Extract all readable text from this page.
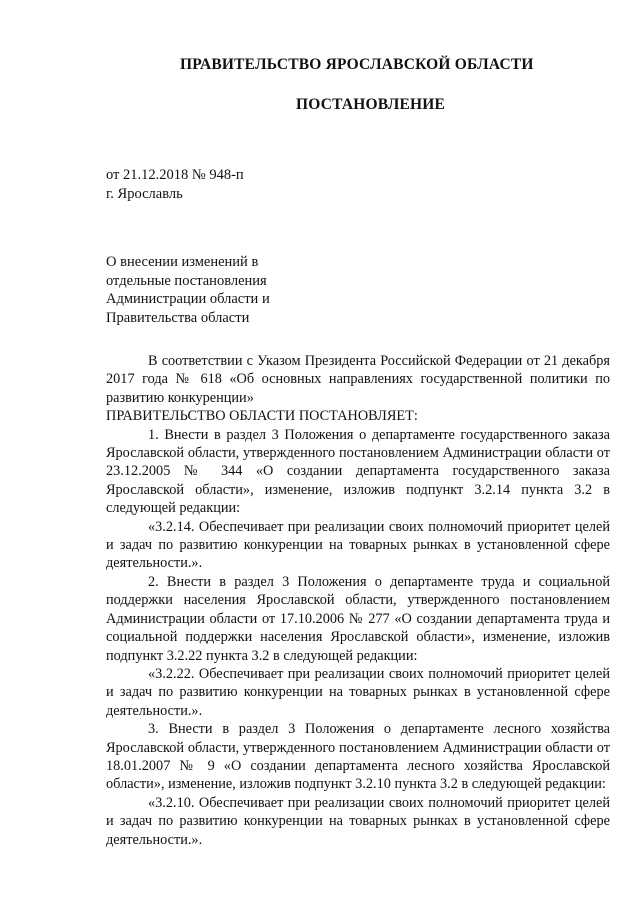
ПРАВИТЕЛЬСТВО ЯРОСЛАВСКОЙ ОБЛАСТИ
ПОСТАНОВЛЕНИЕ
от 21.12.2018 № 948-п
г. Ярославль
О внесении изменений в
отдельные постановления
Администрации области и
Правительства области

В соответствии с Указом Президента Российской Федерации от 21 декабря 2017 года № 618 «Об основных направлениях государственной политики по развитию конкуренции»

ПРАВИТЕЛЬСТВО ОБЛАСТИ ПОСТАНОВЛЯЕТ:

1. Внести в раздел 3 Положения о департаменте государственного заказа Ярославской области, утвержденного постановлением Администрации области от 23.12.2005 № 344 «О создании департамента государственного заказа Ярославской области», изменение, изложив подпункт 3.2.14 пункта 3.2 в следующей редакции:

«3.2.14. Обеспечивает при реализации своих полномочий приоритет целей и задач по развитию конкуренции на товарных рынках в установленной сфере деятельности.».

2. Внести в раздел 3 Положения о департаменте труда и социальной поддержки населения Ярославской области, утвержденного постановлением Администрации области от 17.10.2006 № 277 «О создании департамента труда и социальной поддержки населения Ярославской области», изменение, изложив подпункт 3.2.22 пункта 3.2 в следующей редакции:

«3.2.22. Обеспечивает при реализации своих полномочий приоритет целей и задач по развитию конкуренции на товарных рынках в установленной сфере деятельности.».

3. Внести в раздел 3 Положения о департаменте лесного хозяйства Ярославской области, утвержденного постановлением Администрации области от 18.01.2007 № 9 «О создании департамента лесного хозяйства Ярославской области», изменение, изложив подпункт 3.2.10 пункта 3.2 в следующей редакции:

«3.2.10. Обеспечивает при реализации своих полномочий приоритет целей и задач по развитию конкуренции на товарных рынках в установленной сфере деятельности.».
